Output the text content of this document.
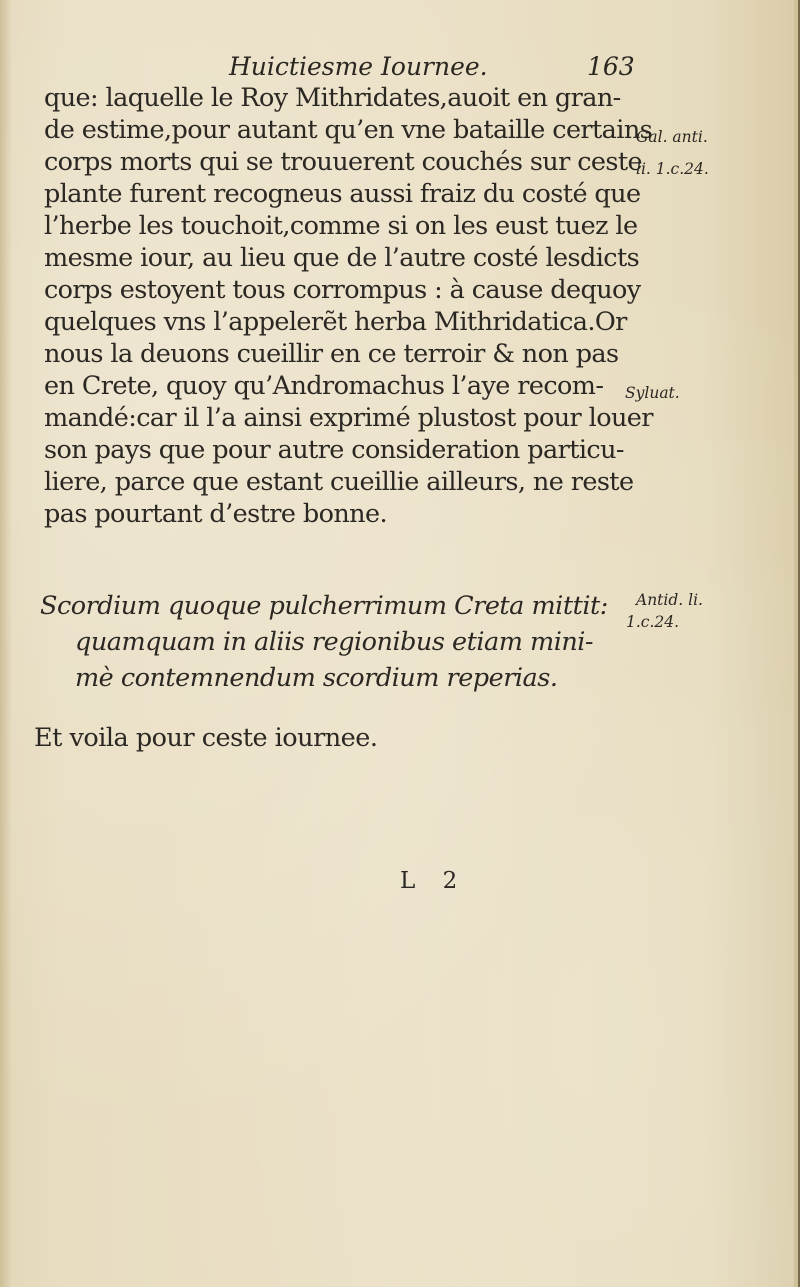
Huictiesme Iournee.	163
que: laquelle le Roy Mithridates,auoit en gran-
de estime,pour autant qu’en vne bataille certains
corps morts qui se trouuerent couchés sur ceste
plante furent recogneus aussi fraiz du costé que
l’herbe les touchoit,comme si on les eust tuez le
mesme iour, au lieu que de l’autre costé lesdicts
corps estoyent tous corrompus : à cause dequoy
quelques vns l’appelerẽt herba Mithridatica.Or
nous la deuons cueillir en ce terroir & non pas
en Crete, quoy qu’Andromachus l’aye recom-
mandé:car il l’a ainsi exprimé plustost pour louer
son pays que pour autre consideration particu-
liere, parce que estant cueillie ailleurs, ne reste
pas pourtant d’estre bonne.
Gal. anti.
li. 1.c.24.
Syluat.
Scordium quoque pulcherrimum Creta mittit:
quamquam in aliis regionibus etiam mini-
mè contemnendum scordium reperias.
Antid. li.
1.c.24.
Et voila pour ceste iournee.
L 2
